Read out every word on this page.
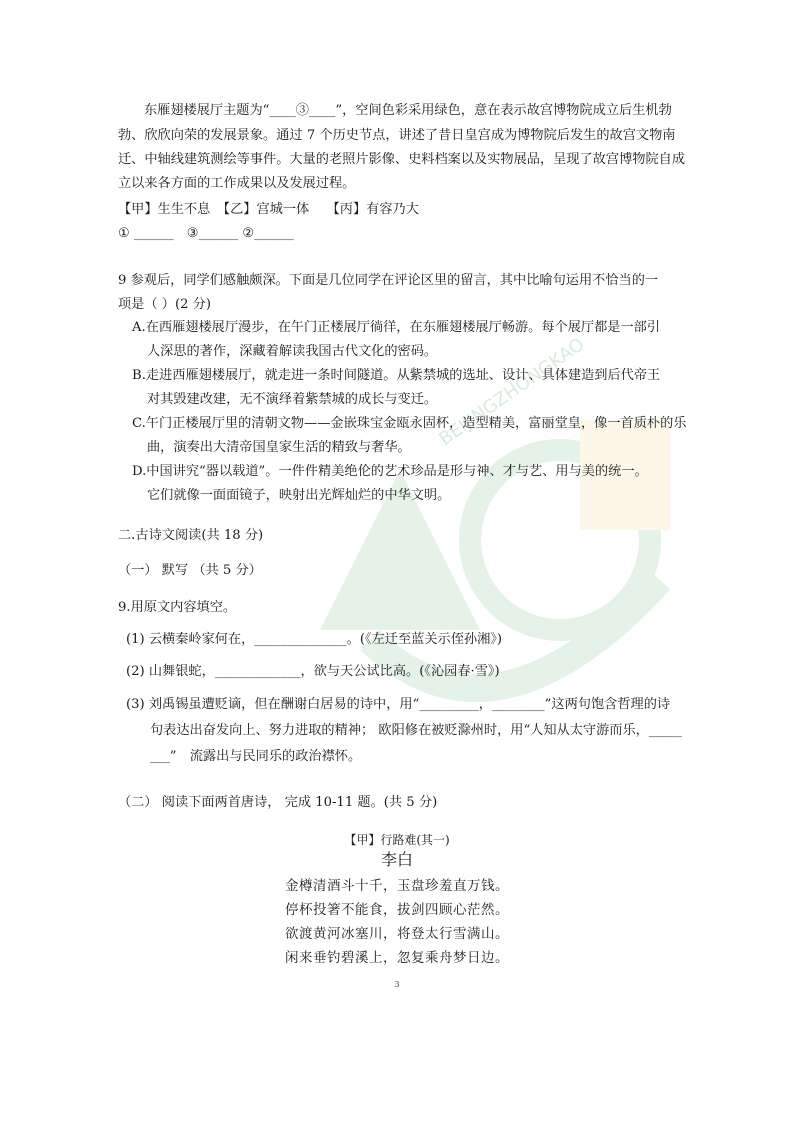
BEIJINGZHONGKAO
东雁翅楼展厅主题为“____③____”，空间色彩采用绿色，意在表示故宫博物院成立后生机勃
勃、欣欣向荣的发展景象。通过 7 个历史节点，讲述了昔日皇宫成为博物院后发生的故宫文物南
迁、中轴线建筑测绘等事件。大量的老照片影像、史料档案以及实物展品，呈现了故宫博物院自成
立以来各方面的工作成果以及发展过程。
【甲】生生不息　【乙】宫城一体　 【丙】有容乃大
① ______　③______ ②______
9 参观后，同学们感触颇深。下面是几位同学在评论区里的留言，其中比喻句运用不恰当的一
项是（ ）(2 分)
A.在西雁翅楼展厅漫步，在午门正楼展厅徜徉，在东雁翅楼展厅畅游。每个展厅都是一部引
人深思的著作，深藏着解读我国古代文化的密码。
B.走进西雁翅楼展厅，就走进一条时间隧道。从紫禁城的选址、设计、具体建造到后代帝王
对其毁建改建，无不演绎着紫禁城的成长与变迁。
C.午门正楼展厅里的清朝文物——金嵌珠宝金瓯永固杯，造型精美，富丽堂皇，像一首质朴的乐
曲，演奏出大清帝国皇家生活的精致与奢华。
D.中国讲究“器以载道”。一件件精美绝伦的艺术珍品是形与神、才与艺、用与美的统一。
它们就像一面面镜子，映射出光辉灿烂的中华文明。
二.古诗文阅读(共 18 分)
（一） 默写 （共 5 分）
9.用原文内容填空。
(1) 云横秦岭家何在，______________。(《左迁至蓝关示侄孙湘》)
(2) 山舞银蛇，_____________，欲与天公试比高。(《沁园春·雪》)
(3) 刘禹锡虽遭贬谪，但在酬谢白居易的诗中，用“_________，________”这两句饱含哲理的诗
句表达出奋发向上、努力进取的精神； 欧阳修在被贬滁州时，用“人知从太守游而乐，_____
___”　流露出与民同乐的政治襟怀。
（二） 阅读下面两首唐诗， 完成 10-11 题。(共 5 分)
【甲】行路难(其一)
李白
金樽清酒斗十千，玉盘珍羞直万钱。
停杯投箸不能食，拔剑四顾心茫然。
欲渡黄河冰塞川，将登太行雪满山。
闲来垂钓碧溪上，忽复乘舟梦日边。
3
